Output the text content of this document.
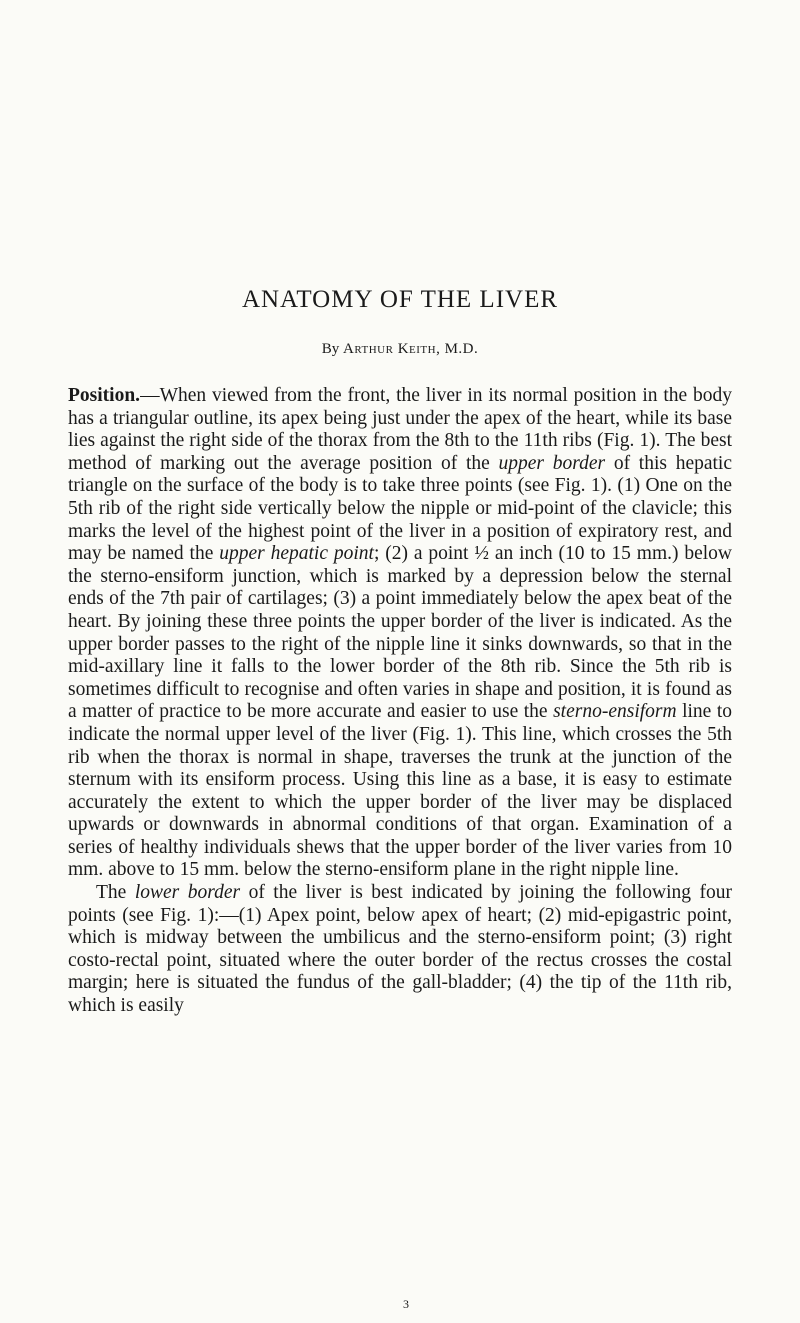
ANATOMY OF THE LIVER
By Arthur Keith, M.D.

Position.—When viewed from the front, the liver in its normal position in the body has a triangular outline, its apex being just under the apex of the heart, while its base lies against the right side of the thorax from the 8th to the 11th ribs (Fig. 1). The best method of marking out the average position of the upper border of this hepatic triangle on the surface of the body is to take three points (see Fig. 1). (1) One on the 5th rib of the right side vertically below the nipple or mid-point of the clavicle; this marks the level of the highest point of the liver in a position of expiratory rest, and may be named the upper hepatic point; (2) a point ½ an inch (10 to 15 mm.) below the sterno-ensiform junction, which is marked by a depression below the sternal ends of the 7th pair of cartilages; (3) a point immediately below the apex beat of the heart. By joining these three points the upper border of the liver is indicated. As the upper border passes to the right of the nipple line it sinks downwards, so that in the mid-axillary line it falls to the lower border of the 8th rib. Since the 5th rib is sometimes difficult to recognise and often varies in shape and position, it is found as a matter of practice to be more accurate and easier to use the sterno-ensiform line to indicate the normal upper level of the liver (Fig. 1). This line, which crosses the 5th rib when the thorax is normal in shape, traverses the trunk at the junction of the sternum with its ensiform process. Using this line as a base, it is easy to estimate accurately the extent to which the upper border of the liver may be displaced upwards or downwards in abnormal conditions of that organ. Examination of a series of healthy individuals shews that the upper border of the liver varies from 10 mm. above to 15 mm. below the sterno-ensiform plane in the right nipple line.

The lower border of the liver is best indicated by joining the following four points (see Fig. 1):—(1) Apex point, below apex of heart; (2) mid-epigastric point, which is midway between the umbilicus and the sterno-ensiform point; (3) right costo-rectal point, situated where the outer border of the rectus crosses the costal margin; here is situated the fundus of the gall-bladder; (4) the tip of the 11th rib, which is easily

3
